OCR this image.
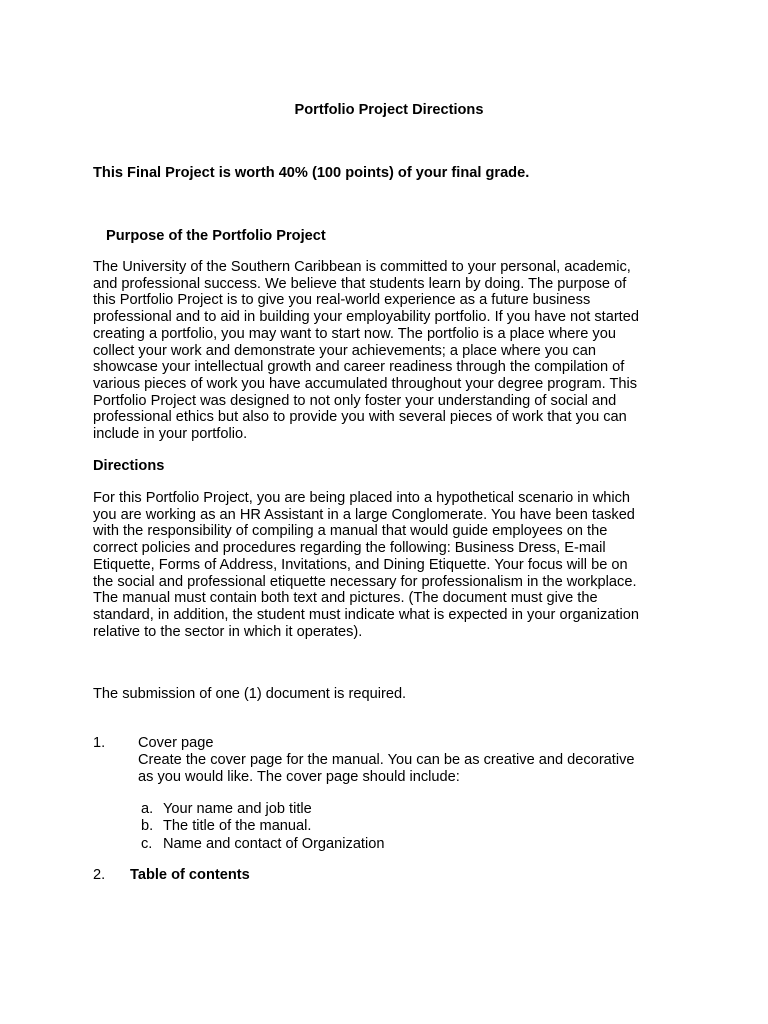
Portfolio Project Directions
This Final Project is worth 40% (100 points) of your final grade.
Purpose of the Portfolio Project
The University of the Southern Caribbean is committed to your personal, academic,
and professional success. We believe that students learn by doing. The purpose of
this Portfolio Project is to give you real-world experience as a future business
professional and to aid in building your employability portfolio. If you have not started
creating a portfolio, you may want to start now. The portfolio is a place where you
collect your work and demonstrate your achievements; a place where you can
showcase your intellectual growth and career readiness through the compilation of
various pieces of work you have accumulated throughout your degree program. This
Portfolio Project was designed to not only foster your understanding of social and
professional ethics but also to provide you with several pieces of work that you can
include in your portfolio.
Directions
For this Portfolio Project, you are being placed into a hypothetical scenario in which
you are working as an HR Assistant in a large Conglomerate. You have been tasked
with the responsibility of compiling a manual that would guide employees on the
correct policies and procedures regarding the following: Business Dress, E-mail
Etiquette, Forms of Address, Invitations, and Dining Etiquette. Your focus will be on
the social and professional etiquette necessary for professionalism in the workplace.
The manual must contain both text and pictures. (The document must give the
standard, in addition, the student must indicate what is expected in your organization
relative to the sector in which it operates).
The submission of one (1) document is required.
1. Cover page
Create the cover page for the manual. You can be as creative and decorative
as you would like. The cover page should include:
a. Your name and job title
b. The title of the manual.
c. Name and contact of Organization
2. Table of contents
